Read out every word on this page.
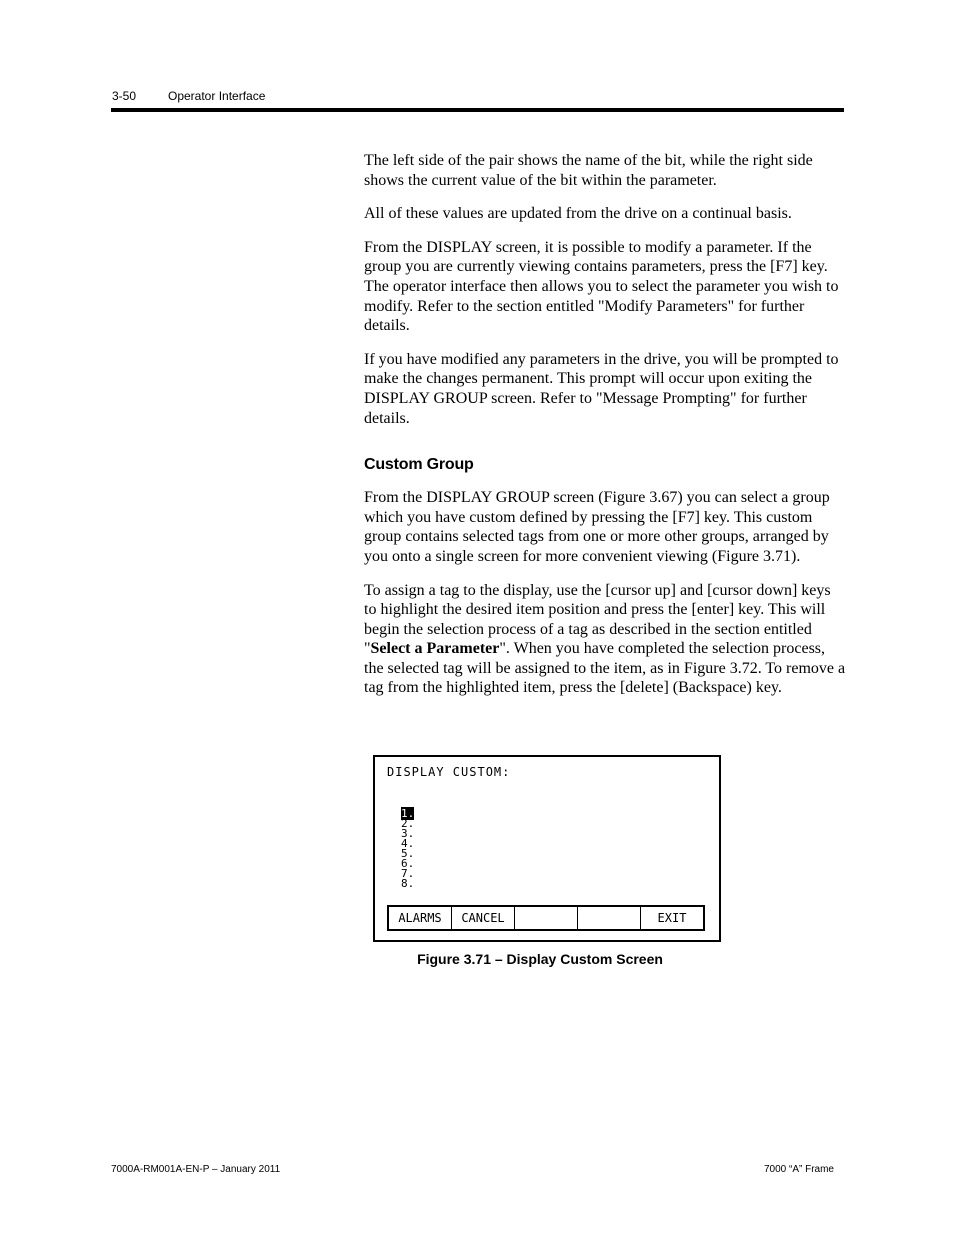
3-50	Operator Interface

The left side of the pair shows the name of the bit, while the right side shows the current value of the bit within the parameter.

All of these values are updated from the drive on a continual basis.

From the DISPLAY screen, it is possible to modify a parameter. If the group you are currently viewing contains parameters, press the [F7] key. The operator interface then allows you to select the parameter you wish to modify. Refer to the section entitled "Modify Parameters" for further details.

If you have modified any parameters in the drive, you will be prompted to make the changes permanent. This prompt will occur upon exiting the DISPLAY GROUP screen. Refer to "Message Prompting" for further details.

Custom Group

From the DISPLAY GROUP screen (Figure 3.67) you can select a group which you have custom defined by pressing the [F7] key. This custom group contains selected tags from one or more other groups, arranged by you onto a single screen for more convenient viewing (Figure 3.71).

To assign a tag to the display, use the [cursor up] and [cursor down] keys to highlight the desired item position and press the [enter] key. This will begin the selection process of a tag as described in the section entitled "Select a Parameter". When you have completed the selection process, the selected tag will be assigned to the item, as in Figure 3.72. To remove a tag from the highlighted item, press the [delete] (Backspace) key.

DISPLAY CUSTOM:
1.
2.
3.
4.
5.
6.
7.
8.
ALARMS	CANCEL	EXIT
Figure 3.71 – Display Custom Screen
7000A-RM001A-EN-P – January 2011	7000 “A” Frame
